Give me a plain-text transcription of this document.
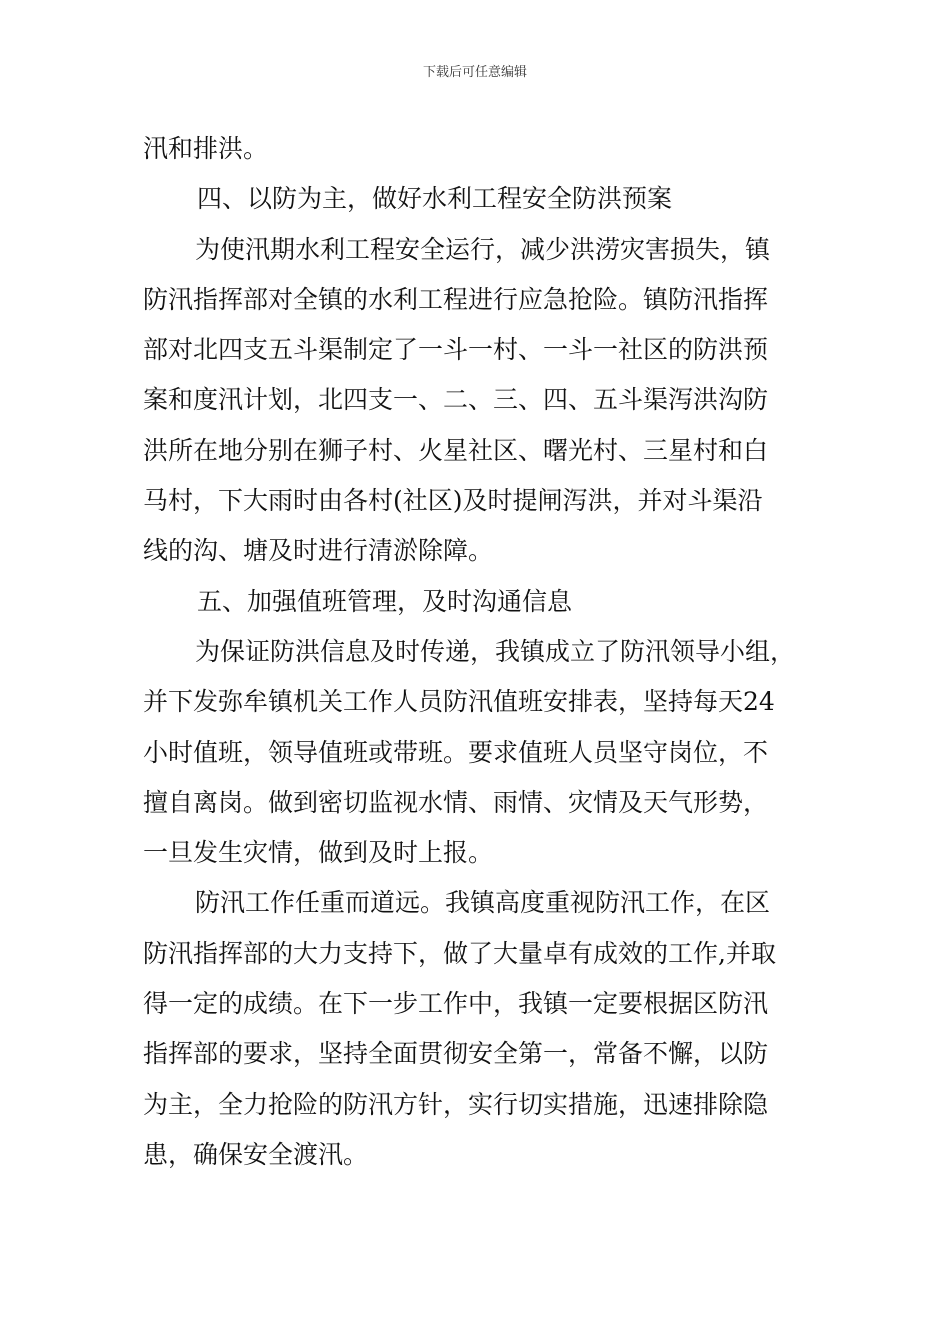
下载后可任意编辑
汛和排洪。
四、以防为主，做好水利工程安全防洪预案
为使汛期水利工程安全运行，减少洪涝灾害损失，镇
防汛指挥部对全镇的水利工程进行应急抢险。镇防汛指挥
部对北四支五斗渠制定了一斗一村、一斗一社区的防洪预
案和度汛计划，北四支一、二、三、四、五斗渠泻洪沟防
洪所在地分别在狮子村、火星社区、曙光村、三星村和白
马村，下大雨时由各村(社区)及时提闸泻洪，并对斗渠沿
线的沟、塘及时进行清淤除障。
五、加强值班管理，及时沟通信息
为保证防洪信息及时传递，我镇成立了防汛领导小组，
并下发弥牟镇机关工作人员防汛值班安排表，坚持每天24
小时值班，领导值班或带班。要求值班人员坚守岗位，不
擅自离岗。做到密切监视水情、雨情、灾情及天气形势，
一旦发生灾情，做到及时上报。
防汛工作任重而道远。我镇高度重视防汛工作，在区
防汛指挥部的大力支持下，做了大量卓有成效的工作,并取
得一定的成绩。在下一步工作中，我镇一定要根据区防汛
指挥部的要求，坚持全面贯彻安全第一，常备不懈，以防
为主，全力抢险的防汛方针，实行切实措施，迅速排除隐
患，确保安全渡汛。
